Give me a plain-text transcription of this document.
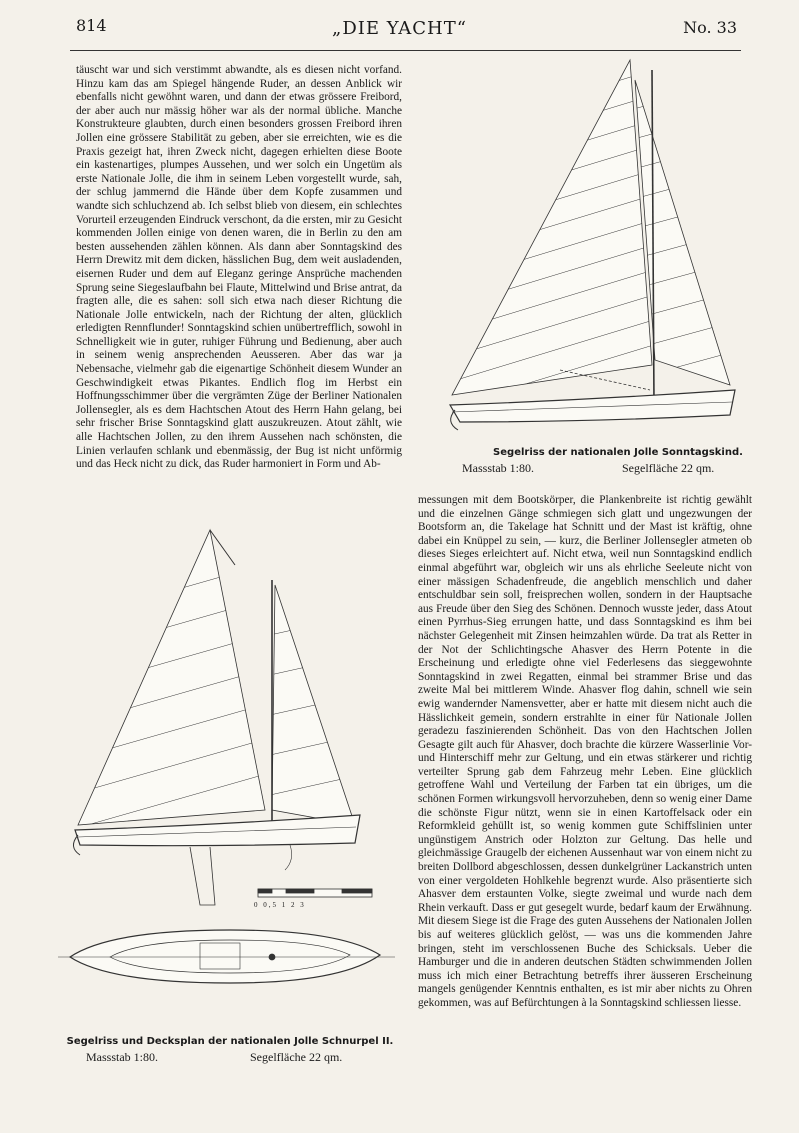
814	„DIE YACHT“	No. 33

täuscht war und sich verstimmt abwandte, als es diesen nicht vorfand. Hinzu kam das am Spiegel hängende Ruder, an dessen Anblick wir ebenfalls nicht gewöhnt waren, und dann der etwas grössere Freibord, der aber auch nur mässig höher war als der normal übliche. Manche Konstrukteure glaubten, durch einen besonders grossen Freibord ihren Jollen eine grössere Stabilität zu geben, aber sie erreichten, wie es die Praxis gezeigt hat, ihren Zweck nicht, dagegen erhielten diese Boote ein kastenartiges, plumpes Aussehen, und wer solch ein Ungetüm als erste Nationale Jolle, die ihm in seinem Leben vorgestellt wurde, sah, der schlug jammernd die Hände über dem Kopfe zusammen und wandte sich schluchzend ab. Ich selbst blieb von diesem, ein schlechtes Vorurteil erzeugenden Eindruck verschont, da die ersten, mir zu Gesicht kommenden Jollen einige von denen waren, die in Berlin zu den am besten aussehenden zählen können. Als dann aber Sonntagskind des Herrn Drewitz mit dem dicken, hässlichen Bug, dem weit ausladenden, eisernen Ruder und dem auf Eleganz geringe Ansprüche machenden Sprung seine Siegeslaufbahn bei Flaute, Mittelwind und Brise antrat, da fragten alle, die es sahen: soll sich etwa nach dieser Richtung die Nationale Jolle entwickeln, nach der Richtung der alten, glücklich erledigten Rennflunder! Sonntagskind schien unübertrefflich, sowohl in Schnelligkeit wie in guter, ruhiger Führung und Bedienung, aber auch in seinem wenig ansprechenden Aeusseren. Aber das war ja Nebensache, vielmehr gab die eigenartige Schönheit diesem Wunder an Geschwindigkeit etwas Pikantes. Endlich flog im Herbst ein Hoffnungsschimmer über die vergrämten Züge der Berliner Nationalen Jollensegler, als es dem Hachtschen Atout des Herrn Hahn gelang, bei sehr frischer Brise Sonntagskind glatt auszukreuzen. Atout zählt, wie alle Hachtschen Jollen, zu den ihrem Aussehen nach schönsten, die Linien verlaufen schlank und ebenmässig, der Bug ist nicht unförmig und das Heck nicht zu dick, das Ruder harmoniert in Form und Ab-

Segelriss der nationalen Jolle Sonntagskind.
Massstab 1:80.	Segelfläche 22 qm.
0 0,5 1 2 3
Segelriss und Decksplan der nationalen Jolle Schnurpel II.
Massstab 1:80.	Segelfläche 22 qm.

messungen mit dem Bootskörper, die Plankenbreite ist richtig gewählt und die einzelnen Gänge schmiegen sich glatt und ungezwungen der Bootsform an, die Takelage hat Schnitt und der Mast ist kräftig, ohne dabei ein Knüppel zu sein, — kurz, die Berliner Jollensegler atmeten ob dieses Sieges erleichtert auf. Nicht etwa, weil nun Sonntagskind endlich einmal abgeführt war, obgleich wir uns als ehrliche Seeleute nicht von einer mässigen Schadenfreude, die angeblich menschlich und daher entschuldbar sein soll, freisprechen wollen, sondern in der Hauptsache aus Freude über den Sieg des Schönen. Dennoch wusste jeder, dass Atout einen Pyrrhus-Sieg errungen hatte, und dass Sonntagskind es ihm bei nächster Gelegenheit mit Zinsen heimzahlen würde. Da trat als Retter in der Not der Schlichtingsche Ahasver des Herrn Potente in die Erscheinung und erledigte ohne viel Federlesens das sieggewohnte Sonntagskind in zwei Regatten, einmal bei strammer Brise und das zweite Mal bei mittlerem Winde. Ahasver flog dahin, schnell wie sein ewig wandernder Namensvetter, aber er hatte mit diesem nicht auch die Hässlichkeit gemein, sondern erstrahlte in einer für Nationale Jollen geradezu faszinierenden Schönheit. Das von den Hachtschen Jollen Gesagte gilt auch für Ahasver, doch brachte die kürzere Wasserlinie Vor- und Hinterschiff mehr zur Geltung, und ein etwas stärkerer und richtig verteilter Sprung gab dem Fahrzeug mehr Leben. Eine glücklich getroffene Wahl und Verteilung der Farben tat ein übriges, um die schönen Formen wirkungsvoll hervorzuheben, denn so wenig einer Dame die schönste Figur nützt, wenn sie in einen Kartoffelsack oder ein Reformkleid gehüllt ist, so wenig kommen gute Schiffslinien unter ungünstigem Anstrich oder Holzton zur Geltung. Das helle und gleichmässige Graugelb der eichenen Aussenhaut war von einem nicht zu breiten Dollbord abgeschlossen, dessen dunkelgrüner Lackanstrich unten von einer vergoldeten Hohlkehle begrenzt wurde. Also präsentierte sich Ahasver dem erstaunten Volke, siegte zweimal und wurde nach dem Rhein verkauft. Dass er gut gesegelt wurde, bedarf kaum der Erwähnung. Mit diesem Siege ist die Frage des guten Aussehens der Nationalen Jollen bis auf weiteres glücklich gelöst, — was uns die kommenden Jahre bringen, steht im verschlossenen Buche des Schicksals. Ueber die Hamburger und die in anderen deutschen Städten schwimmenden Jollen muss ich mich einer Betrachtung betreffs ihrer äusseren Erscheinung mangels genügender Kenntnis enthalten, es ist mir aber nichts zu Ohren gekommen, was auf Befürchtungen à la Sonntagskind schliessen liesse.
